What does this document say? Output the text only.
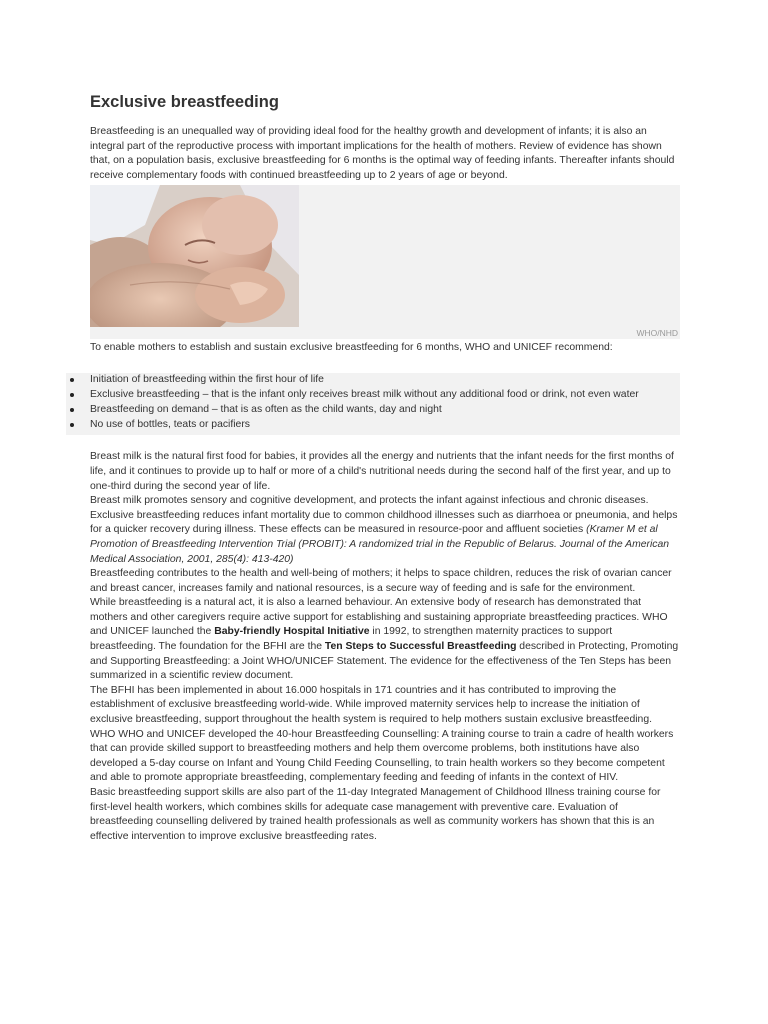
Exclusive breastfeeding

Breastfeeding is an unequalled way of providing ideal food for the healthy growth and development of infants; it is also an integral part of the reproductive process with important implications for the health of mothers. Review of evidence has shown that, on a population basis, exclusive breastfeeding for 6 months is the optimal way of feeding infants. Thereafter infants should receive complementary foods with continued breastfeeding up to 2 years of age or beyond.

WHO/NHD

To enable mothers to establish and sustain exclusive breastfeeding for 6 months, WHO and UNICEF recommend:

Initiation of breastfeeding within the first hour of life
Exclusive breastfeeding – that is the infant only receives breast milk without any additional food or drink, not even water
Breastfeeding on demand – that is as often as the child wants, day and night
No use of bottles, teats or pacifiers

Breast milk is the natural first food for babies, it provides all the energy and nutrients that the infant needs for the first months of life, and it continues to provide up to half or more of a child's nutritional needs during the second half of the first year, and up to one-third during the second year of life.

Breast milk promotes sensory and cognitive development, and protects the infant against infectious and chronic diseases. Exclusive breastfeeding reduces infant mortality due to common childhood illnesses such as diarrhoea or pneumonia, and helps for a quicker recovery during illness. These effects can be measured in resource-poor and affluent societies (Kramer M et al Promotion of Breastfeeding Intervention Trial (PROBIT): A randomized trial in the Republic of Belarus. Journal of the American Medical Association, 2001, 285(4): 413-420)

Breastfeeding contributes to the health and well-being of mothers; it helps to space children, reduces the risk of ovarian cancer and breast cancer, increases family and national resources, is a secure way of feeding and is safe for the environment.

While breastfeeding is a natural act, it is also a learned behaviour. An extensive body of research has demonstrated that mothers and other caregivers require active support for establishing and sustaining appropriate breastfeeding practices. WHO and UNICEF launched the Baby-friendly Hospital Initiative in 1992, to strengthen maternity practices to support breastfeeding. The foundation for the BFHI are the Ten Steps to Successful Breastfeeding described in Protecting, Promoting and Supporting Breastfeeding: a Joint WHO/UNICEF Statement. The evidence for the effectiveness of the Ten Steps has been summarized in a scientific review document.

The BFHI has been implemented in about 16.000 hospitals in 171 countries and it has contributed to improving the establishment of exclusive breastfeeding world-wide. While improved maternity services help to increase the initiation of exclusive breastfeeding, support throughout the health system is required to help mothers sustain exclusive breastfeeding.

WHO WHO and UNICEF developed the 40-hour Breastfeeding Counselling: A training course to train a cadre of health workers that can provide skilled support to breastfeeding mothers and help them overcome problems, both institutions have also developed a 5-day course on Infant and Young Child Feeding Counselling, to train health workers so they become competent and able to promote appropriate breastfeeding, complementary feeding and feeding of infants in the context of HIV.

Basic breastfeeding support skills are also part of the 11-day Integrated Management of Childhood Illness training course for first-level health workers, which combines skills for adequate case management with preventive care. Evaluation of breastfeeding counselling delivered by trained health professionals as well as community workers has shown that this is an effective intervention to improve exclusive breastfeeding rates.
